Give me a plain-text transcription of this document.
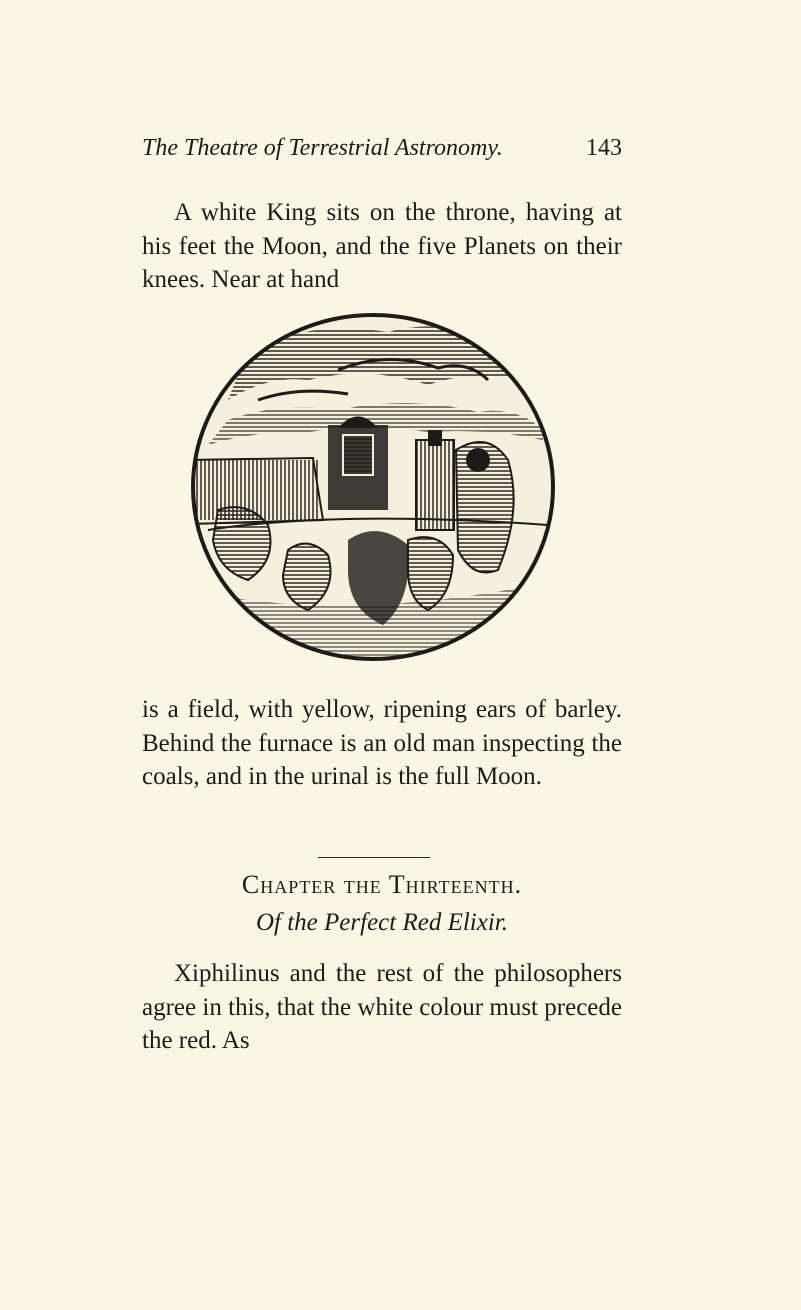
The Theatre of Terrestrial Astronomy.	143
A white King sits on the throne, having at his feet the Moon, and the five Planets on their knees. Near at hand
is a field, with yellow, ripening ears of barley. Behind the furnace is an old man inspecting the coals, and in the urinal is the full Moon.
Chapter the Thirteenth.
Of the Perfect Red Elixir.
Xiphilinus and the rest of the philosophers agree in this, that the white colour must precede the red. As
